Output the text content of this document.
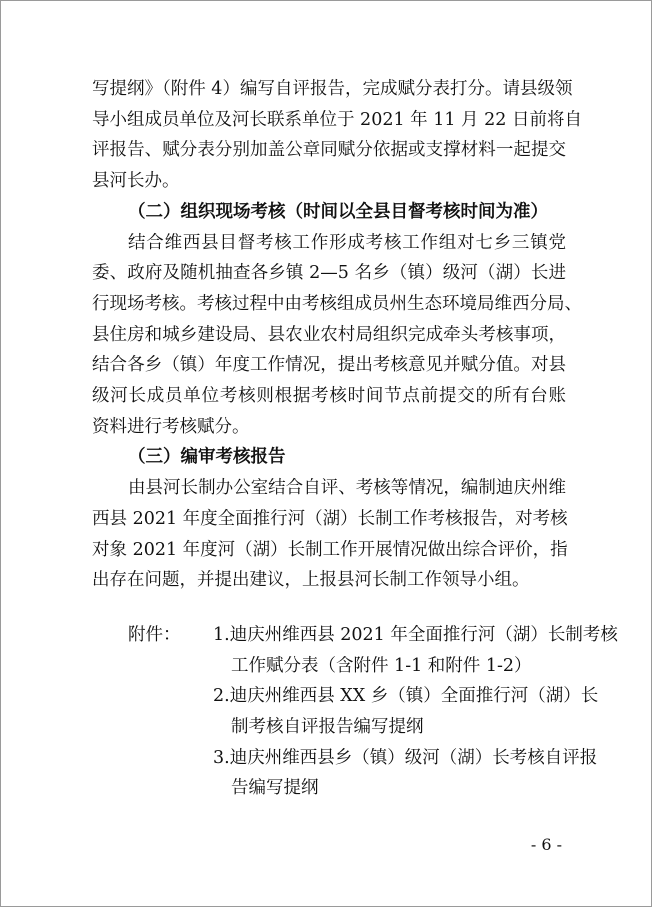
写提纲》（附件 4）编写自评报告，完成赋分表打分。请县级领
导小组成员单位及河长联系单位于 2021 年 11 月 22 日前将自
评报告、赋分表分别加盖公章同赋分依据或支撑材料一起提交
县河长办。
（二）组织现场考核（时间以全县目督考核时间为准）
结合维西县目督考核工作形成考核工作组对七乡三镇党
委、政府及随机抽查各乡镇 2—5 名乡（镇）级河（湖）长进
行现场考核。考核过程中由考核组成员州生态环境局维西分局、
县住房和城乡建设局、县农业农村局组织完成牵头考核事项，
结合各乡（镇）年度工作情况，提出考核意见并赋分值。对县
级河长成员单位考核则根据考核时间节点前提交的所有台账
资料进行考核赋分。
（三）编审考核报告
由县河长制办公室结合自评、考核等情况，编制迪庆州维
西县 2021 年度全面推行河（湖）长制工作考核报告，对考核
对象 2021 年度河（湖）长制工作开展情况做出综合评价，指
出存在问题，并提出建议，上报县河长制工作领导小组。
附件：	1.迪庆州维西县 2021 年全面推行河（湖）长制考核
工作赋分表（含附件 1-1 和附件 1-2）
2.迪庆州维西县 XX 乡（镇）全面推行河（湖）长
制考核自评报告编写提纲
3.迪庆州维西县乡（镇）级河（湖）长考核自评报
告编写提纲
- 6 -
